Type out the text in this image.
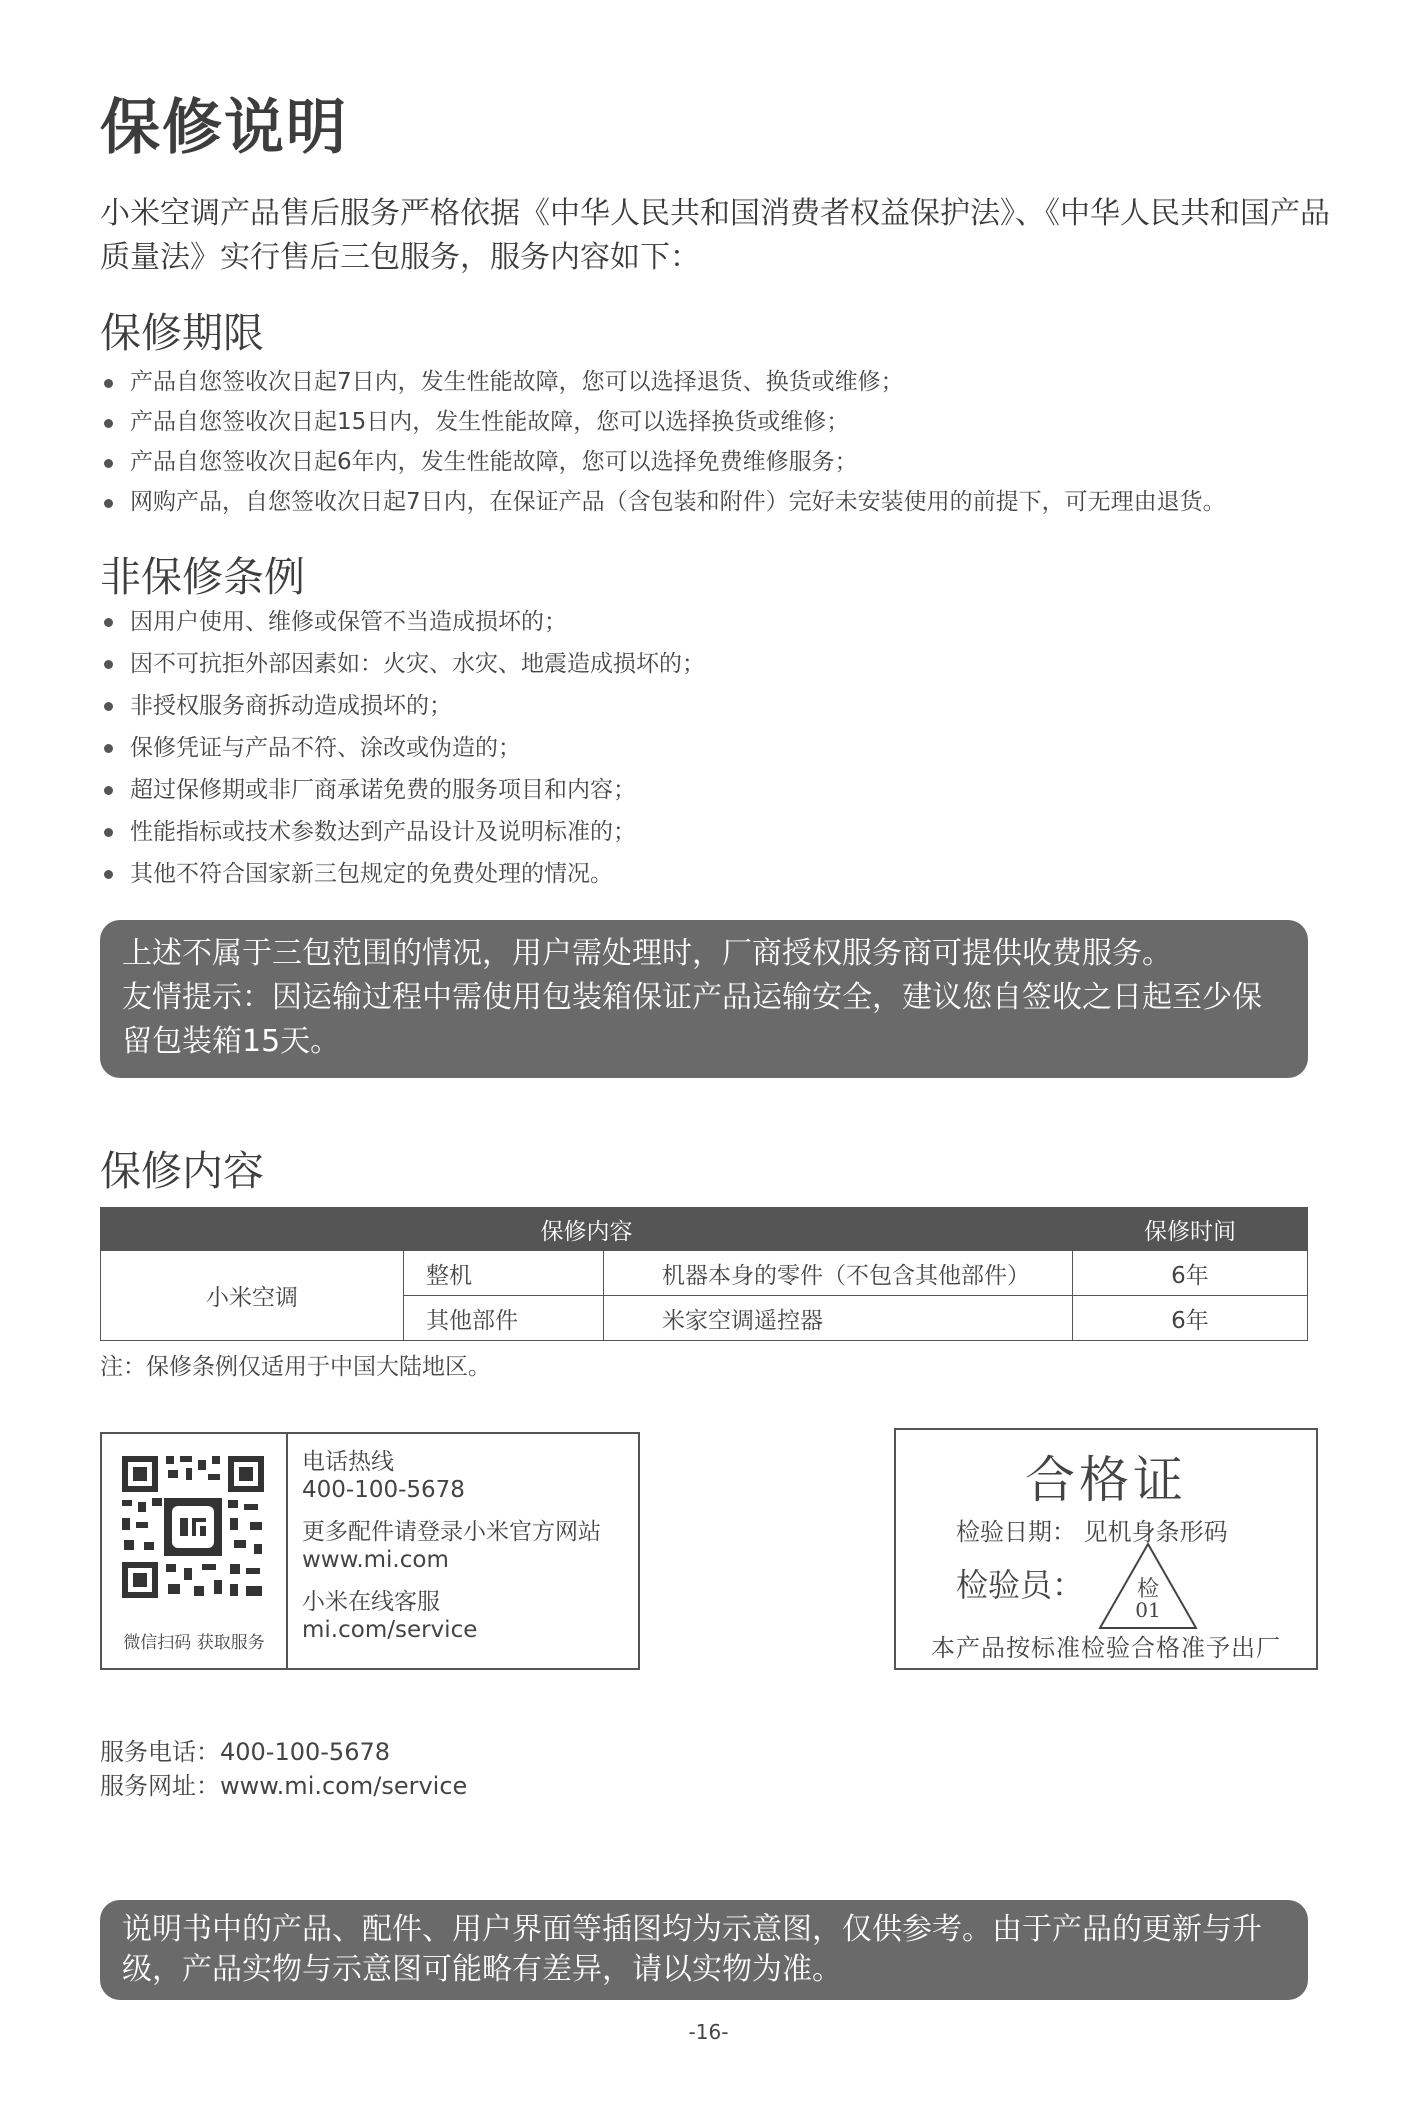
保修说明
小米空调产品售后服务严格依据《中华人民共和国消费者权益保护法》、《中华人民共和国产品质量法》实行售后三包服务，服务内容如下：
保修期限
产品自您签收次日起7日内，发生性能故障，您可以选择退货、换货或维修；
产品自您签收次日起15日内，发生性能故障，您可以选择换货或维修；
产品自您签收次日起6年内，发生性能故障，您可以选择免费维修服务；
网购产品，自您签收次日起7日内，在保证产品（含包装和附件）完好未安装使用的前提下，可无理由退货。
非保修条例
因用户使用、维修或保管不当造成损坏的；
因不可抗拒外部因素如：火灾、水灾、地震造成损坏的；
非授权服务商拆动造成损坏的；
保修凭证与产品不符、涂改或伪造的；
超过保修期或非厂商承诺免费的服务项目和内容；
性能指标或技术参数达到产品设计及说明标准的；
其他不符合国家新三包规定的免费处理的情况。
上述不属于三包范围的情况，用户需处理时，厂商授权服务商可提供收费服务。
友情提示：因运输过程中需使用包装箱保证产品运输安全，建议您自签收之日起至少保留包装箱15天。
保修内容
保修内容			保修时间
小米空调	整机	机器本身的零件（不包含其他部件）	6年
	其他部件	米家空调遥控器	6年
注：保修条例仅适用于中国大陆地区。
微信扫码 获取服务
电话热线
400-100-5678
更多配件请登录小米官方网站
www.mi.com
小米在线客服
mi.com/service
合格证
检验日期： 见机身条形码
检验员：	检
01
本产品按标准检验合格准予出厂
服务电话：400-100-5678
服务网址：www.mi.com/service
说明书中的产品、配件、用户界面等插图均为示意图，仅供参考。由于产品的更新与升级，产品实物与示意图可能略有差异，请以实物为准。
-16-
